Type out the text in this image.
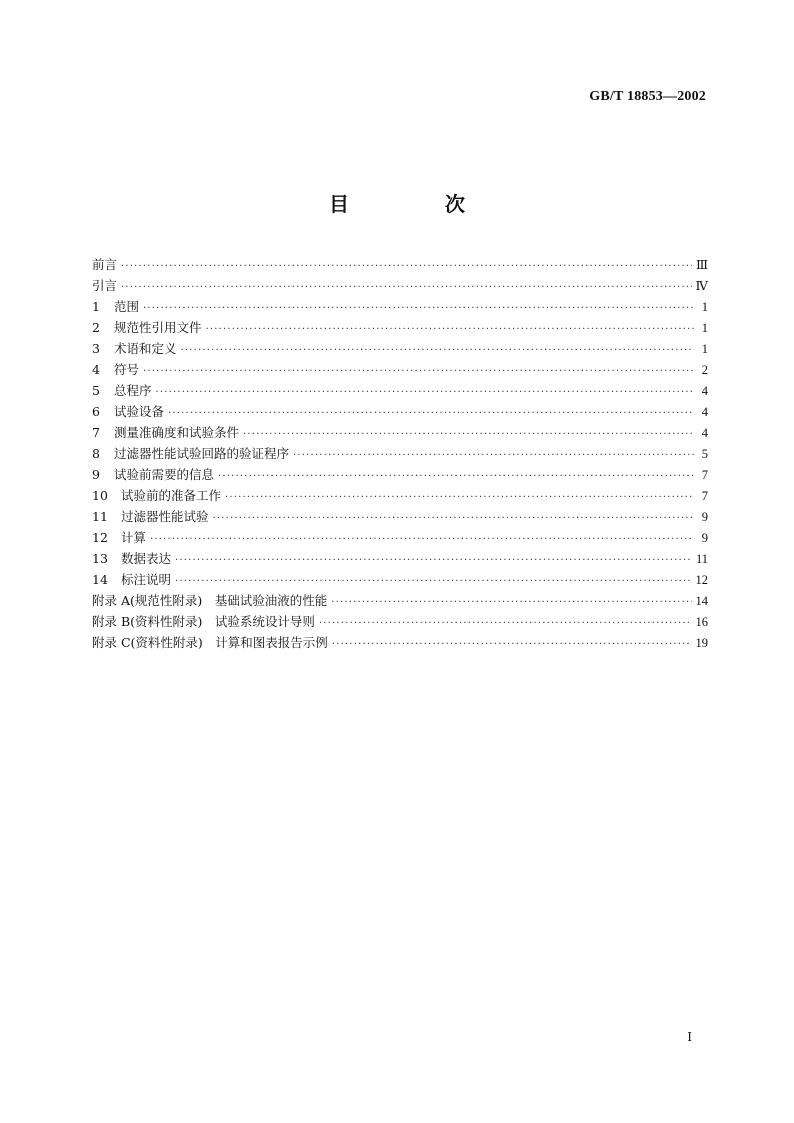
GB/T 18853—2002
目　次
前言 ·····	Ⅲ
引言 ·····	Ⅳ
1	范围 ·····	1
2	规范性引用文件 ·····	1
3	术语和定义 ·····	1
4	符号 ·····	2
5	总程序 ·····	4
6	试验设备 ·····	4
7	测量准确度和试验条件 ·····	4
8	过滤器性能试验回路的验证程序 ·····	5
9	试验前需要的信息 ·····	7
10	试验前的准备工作 ·····	7
11	过滤器性能试验 ·····	9
12	计算 ·····	9
13	数据表达 ·····	11
14	标注说明 ·····	12
附录 A(规范性附录)　基础试验油液的性能 ·····	14
附录 B(资料性附录)　试验系统设计导则 ·····	16
附录 C(资料性附录)　计算和图表报告示例 ·····	19
Ⅰ
